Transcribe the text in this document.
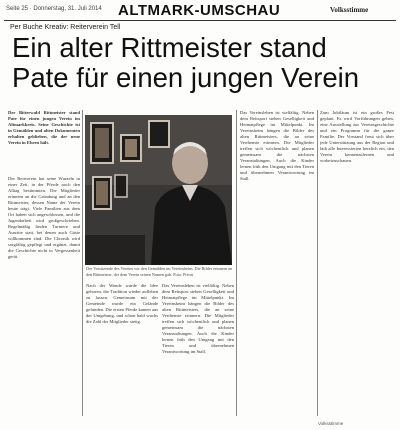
Seite 25 · Donnerstag, 31. Juli 2014 ALTMARK-UMSCHAU	Volksstimme
Per Buche Kreativ: Reiterverein Tell
Ein alter Rittmeister stand
Pate für einen jungen Verein
Der Bitterwald Rittmeister stand Pate für einen jungen Verein im Altmarkkreis. Seine Geschichte ist in Gemälden und alten Dokumenten erhalten geblieben, die der neue Verein in Ehren hält.
Der Reitverein hat seine Wurzeln in einer Zeit, in der Pferde noch den Alltag bestimmten. Die Mitglieder erinnern an die Gründung und an den Rittmeister, dessen Name der Verein heute trägt. Viele Familien aus dem Ort haben sich angeschlossen, und die Jugendarbeit wird großgeschrieben. Regelmäßig finden Turniere und Ausritte statt, bei denen auch Gäste willkommen sind. Die Chronik wird sorgfältig gepflegt und ergänzt, damit die Geschichte nicht in Vergessenheit gerät.
Der Vorsitzende des Vereins vor den Gemälden im Vereinsheim. Die Bilder erinnern an den Rittmeister, der dem Verein seinen Namen gab. Foto: Privat
Nach der Wende wurde die Idee geboren, die Tradition wieder aufleben zu lassen. Gemeinsam mit der Gemeinde wurde ein Gelände gefunden. Die ersten Pferde kamen aus der Umgebung, und schon bald wuchs die Zahl der Mitglieder stetig.
Das Vereinsleben ist vielfältig. Neben dem Reitsport stehen Geselligkeit und Heimatpflege im Mittelpunkt. Im Vereinsheim hängen die Bilder des alten Rittmeisters, die an seine Verdienste erinnern. Die Mitglieder treffen sich wöchentlich und planen gemeinsam die nächsten Veranstaltungen. Auch die Kinder lernen früh den Umgang mit den Tieren und übernehmen Verantwortung im Stall.
Das Vereinsleben ist vielfältig. Neben dem Reitsport stehen Geselligkeit und Heimatpflege im Mittelpunkt. Im Vereinsheim hängen die Bilder des alten Rittmeisters, die an seine Verdienste erinnern. Die Mitglieder treffen sich wöchentlich und planen gemeinsam die nächsten Veranstaltungen. Auch die Kinder lernen früh den Umgang mit den Tieren und übernehmen Verantwortung im Stall.
Zum Jubiläum ist ein großes Fest geplant. Es wird Vorführungen geben, eine Ausstellung zur Vereinsgeschichte und ein Programm für die ganze Familie. Der Vorstand freut sich über jede Unterstützung aus der Region und lädt alle Interessierten herzlich ein, den Verein kennenzulernen und vorbeizuschauen.
Volksstimme
